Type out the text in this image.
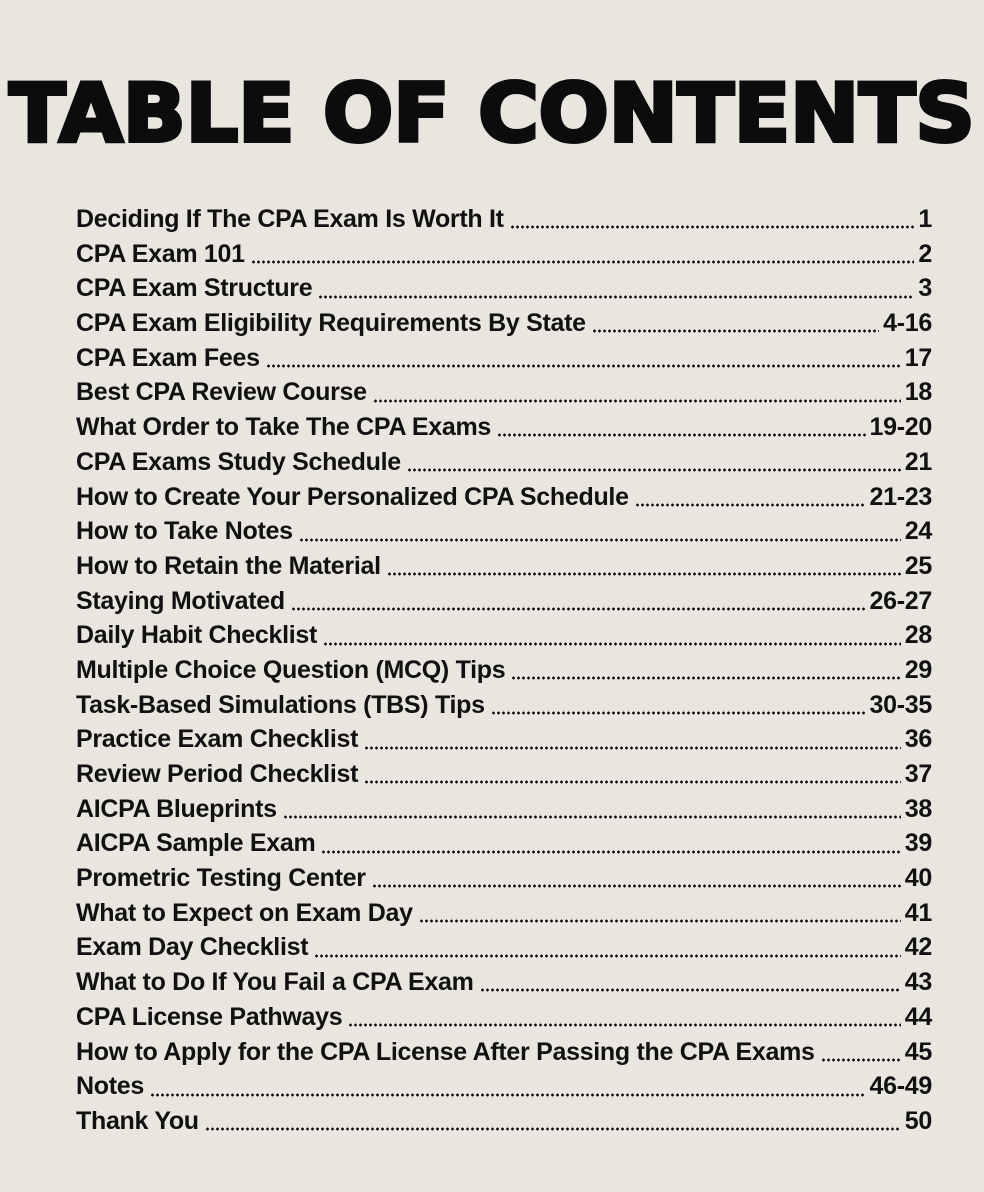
TABLE OF CONTENTS
Deciding If The CPA Exam Is Worth It	1
CPA Exam 101	2
CPA Exam Structure	3
CPA Exam Eligibility Requirements By State	4-16
CPA Exam Fees	17
Best CPA Review Course	18
What Order to Take The CPA Exams	19-20
CPA Exams Study Schedule	21
How to Create Your Personalized CPA Schedule	21-23
How to Take Notes	24
How to Retain the Material	25
Staying Motivated	26-27
Daily Habit Checklist	28
Multiple Choice Question (MCQ) Tips	29
Task-Based Simulations (TBS) Tips	30-35
Practice Exam Checklist	36
Review Period Checklist	37
AICPA Blueprints	38
AICPA Sample Exam	39
Prometric Testing Center	40
What to Expect on Exam Day	41
Exam Day Checklist	42
What to Do If You Fail a CPA Exam	43
CPA License Pathways	44
How to Apply for the CPA License After Passing the CPA Exams	45
Notes	46-49
Thank You	50
